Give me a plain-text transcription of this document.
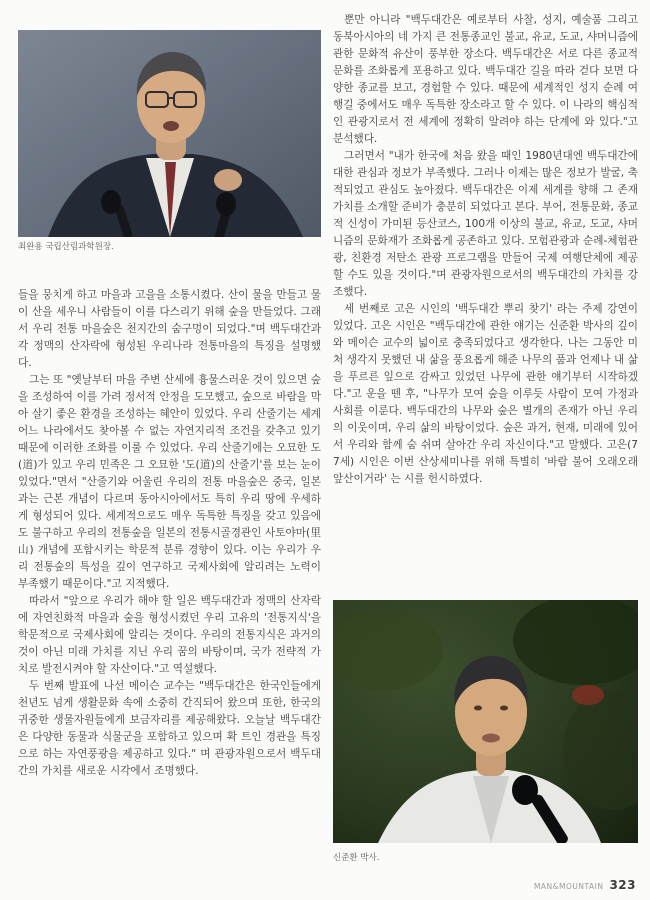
최완용 국립산림과학원장.

들을 뭉치게 하고 마을과 고을을 소통시켰다. 산이 물을 만들고 물이 산을 세우니 사람들이 이를 다스리기 위해 숲을 만들었다. 그래서 우리 전통 마을숲은 천지간의 숨구멍이 되었다."며 백두대간과 각 정맥의 산자락에 형성된 우리나라 전통마을의 특징을 설명했다.

그는 또 "옛날부터 마을 주변 산세에 흉물스러운 것이 있으면 숲을 조성하여 이를 가려 정서적 안정을 도모했고, 숲으로 바람을 막아 살기 좋은 환경을 조성하는 혜안이 있었다. 우리 산줄기는 세계 어느 나라에서도 찾아볼 수 없는 자연지리적 조건을 갖추고 있기 때문에 이러한 조화를 이룰 수 있었다. 우리 산줄기에는 오묘한 도(道)가 있고 우리 민족은 그 오묘한 '도(道)의 산줄기'를 보는 눈이 있었다."면서 "산줄기와 어울린 우리의 전통 마을숲은 중국, 일본과는 근본 개념이 다르며 동아시아에서도 특히 우리 땅에 우세하게 형성되어 있다. 세계적으로도 매우 독특한 특징을 갖고 있음에도 불구하고 우리의 전통숲을 일본의 전통시골경관인 사토야마(里山) 개념에 포함시키는 학문적 분류 경향이 있다. 이는 우리가 우리 전통숲의 특성을 깊이 연구하고 국제사회에 알리려는 노력이 부족했기 때문이다."고 지적했다.

따라서 "앞으로 우리가 해야 할 일은 백두대간과 정맥의 산자락에 자연친화적 마을과 숲을 형성시켰던 우리 고유의 '전통지식'을 학문적으로 국제사회에 알리는 것이다. 우리의 전통지식은 과거의 것이 아닌 미래 가치를 지닌 우리 꿈의 바탕이며, 국가 전략적 가치로 발전시켜야 할 자산이다."고 역설했다.

두 번째 발표에 나선 메이슨 교수는 "백두대간은 한국인들에게 천년도 넘게 생활문화 속에 소중히 간직되어 왔으며 또한, 한국의 귀중한 생물자원들에게 보금자리를 제공해왔다. 오늘날 백두대간은 다양한 동물과 식물군을 포함하고 있으며 확 트인 경관을 특징으로 하는 자연풍광을 제공하고 있다." 며 관광자원으로서 백두대간의 가치를 새로운 시각에서 조명했다.

뿐만 아니라 "백두대간은 예로부터 사찰, 성지, 예술품 그리고 동북아시아의 네 가지 큰 전통종교인 불교, 유교, 도교, 샤머니즘에 관한 문화적 유산이 풍부한 장소다. 백두대간은 서로 다른 종교적 문화를 조화롭게 포용하고 있다. 백두대간 길을 따라 걷다 보면 다양한 종교를 보고, 경험할 수 있다. 때문에 세계적인 성지 순례 여행길 중에서도 매우 독특한 장소라고 할 수 있다. 이 나라의 핵심적인 관광지로서 전 세계에 정확히 알려야 하는 단계에 와 있다."고 분석했다.

그러면서 "내가 한국에 처음 왔을 때인 1980년대엔 백두대간에 대한 관심과 정보가 부족했다. 그러나 이제는 많은 정보가 발굴, 축적되었고 관심도 높아졌다. 백두대간은 이제 세계를 향해 그 존재가치를 소개할 준비가 충분히 되었다고 본다. 부어, 전통문화, 종교적 신성이 가미된 등산코스, 100개 이상의 불교, 유교, 도교, 샤머니즘의 문화재가 조화롭게 공존하고 있다. 모험관광과 순례-체험관광, 친환경 저탄소 관광 프로그램을 만들어 국제 여행단체에 제공할 수도 있을 것이다."며 관광자원으로서의 백두대간의 가치를 강조했다.

세 번째로 고은 시인의 '백두대간 뿌리 찾기' 라는 주제 강연이 있었다. 고은 시인은 "백두대간에 관한 얘기는 신준환 박사의 깊이와 메이슨 교수의 넓이로 충족되었다고 생각한다. 나는 그동안 미처 생각지 못했던 내 삶을 풍요롭게 해준 나무의 품과 언제나 내 삶을 푸르른 잎으로 감싸고 있었던 나무에 관한 얘기부터 시작하겠다."고 운을 뗀 후, "나무가 모여 숲을 이루듯 사람이 모여 가정과 사회를 이룬다. 백두대간의 나무와 숲은 별개의 존재가 아닌 우리의 이웃이며, 우리 삶의 바탕이었다. 숲은 과거, 현재, 미래에 있어서 우리와 함께 숨 쉬며 살아간 우리 자신이다."고 말했다. 고은(77세) 시인은 이번 산상세미나를 위해 특별히 '바람 불어 오래오래 앞산이거라' 는 시를 헌시하였다.

신준환 박사.
MAN&MOUNTAIN 323
